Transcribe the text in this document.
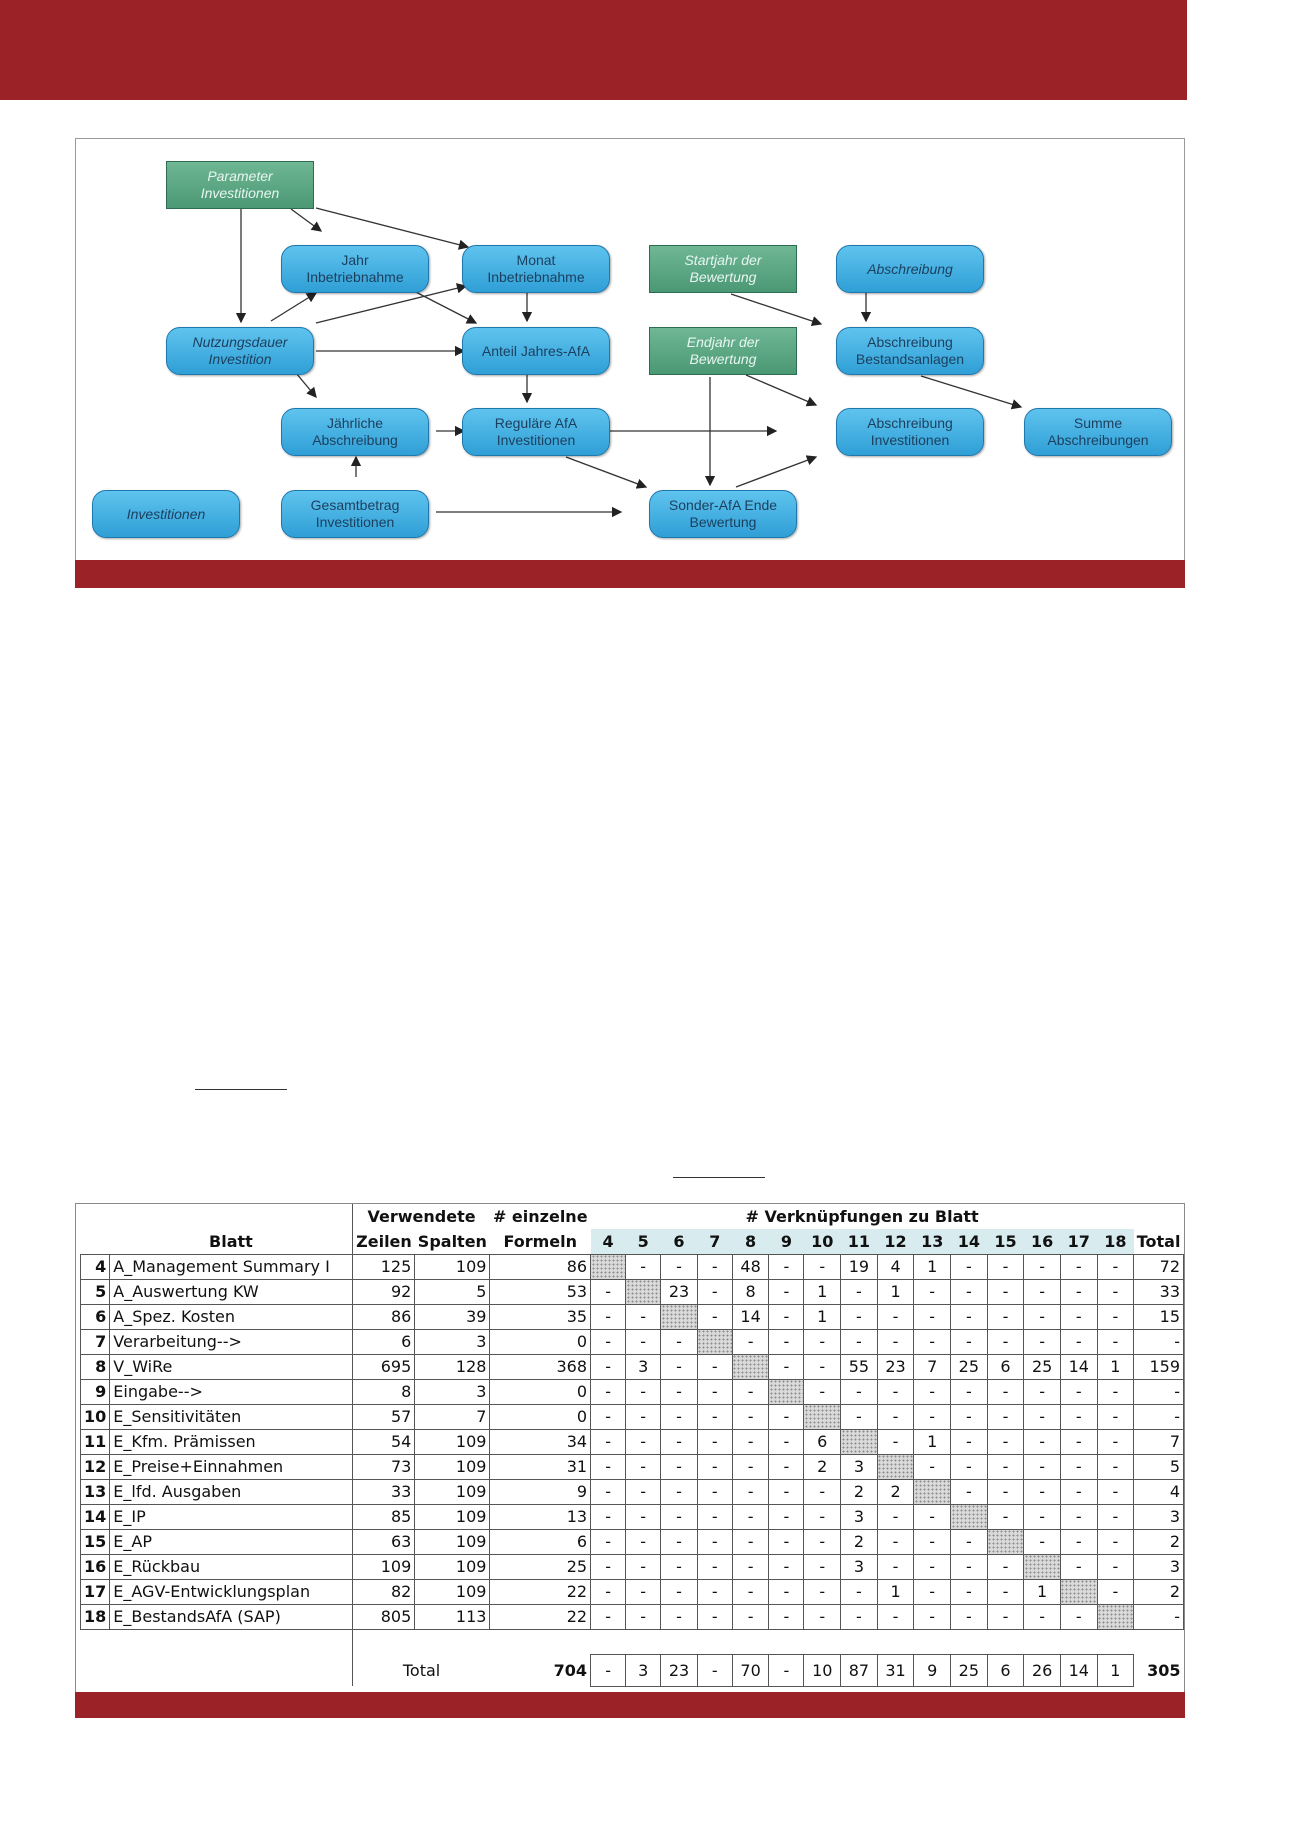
Parameter
Investitionen
Jahr
Inbetriebnahme
Monat
Inbetriebnahme
Startjahr der
Bewertung
Abschreibung
Nutzungsdauer
Investition
Anteil Jahres-AfA
Endjahr der
Bewertung
Abschreibung
Bestandsanlagen
Jährliche
Abschreibung
Reguläre AfA
Investitionen
Abschreibung
Investitionen
Summe
Abschreibungen
Investitionen
Gesamtbetrag
Investitionen
Sonder-AfA Ende
Bewertung
		Verwendete		# einzelne	# Verknüpfungen zu Blatt															
	Blatt	Zeilen	Spalten	Formeln	4	5	6	7	8	9	10	11	12	13	14	15	16	17	18	Total
4	A_Management Summary I	125	109	86		-	-	-	48	-	-	19	4	1	-	-	-	-	-	72
5	A_Auswertung KW	92	5	53	-		23	-	8	-	1	-	1	-	-	-	-	-	-	33
6	A_Spez. Kosten	86	39	35	-	-		-	14	-	1	-	-	-	-	-	-	-	-	15
7	Verarbeitung-->	6	3	0	-	-	-		-	-	-	-	-	-	-	-	-	-	-	-
8	V_WiRe	695	128	368	-	3	-	-		-	-	55	23	7	25	6	25	14	1	159
9	Eingabe-->	8	3	0	-	-	-	-	-		-	-	-	-	-	-	-	-	-	-
10	E_Sensitivitäten	57	7	0	-	-	-	-	-	-		-	-	-	-	-	-	-	-	-
11	E_Kfm. Prämissen	54	109	34	-	-	-	-	-	-	6		-	1	-	-	-	-	-	7
12	E_Preise+Einnahmen	73	109	31	-	-	-	-	-	-	2	3		-	-	-	-	-	-	5
13	E_lfd. Ausgaben	33	109	9	-	-	-	-	-	-	-	2	2		-	-	-	-	-	4
14	E_IP	85	109	13	-	-	-	-	-	-	-	3	-	-		-	-	-	-	3
15	E_AP	63	109	6	-	-	-	-	-	-	-	2	-	-	-		-	-	-	2
16	E_Rückbau	109	109	25	-	-	-	-	-	-	-	3	-	-	-	-		-	-	3
17	E_AGV-Entwicklungsplan	82	109	22	-	-	-	-	-	-	-	-	1	-	-	-	1		-	2
18	E_BestandsAfA (SAP)	805	113	22	-	-	-	-	-	-	-	-	-	-	-	-	-	-		-

		Total		704	-	3	23	-	70	-	10	87	31	9	25	6	26	14	1	305
